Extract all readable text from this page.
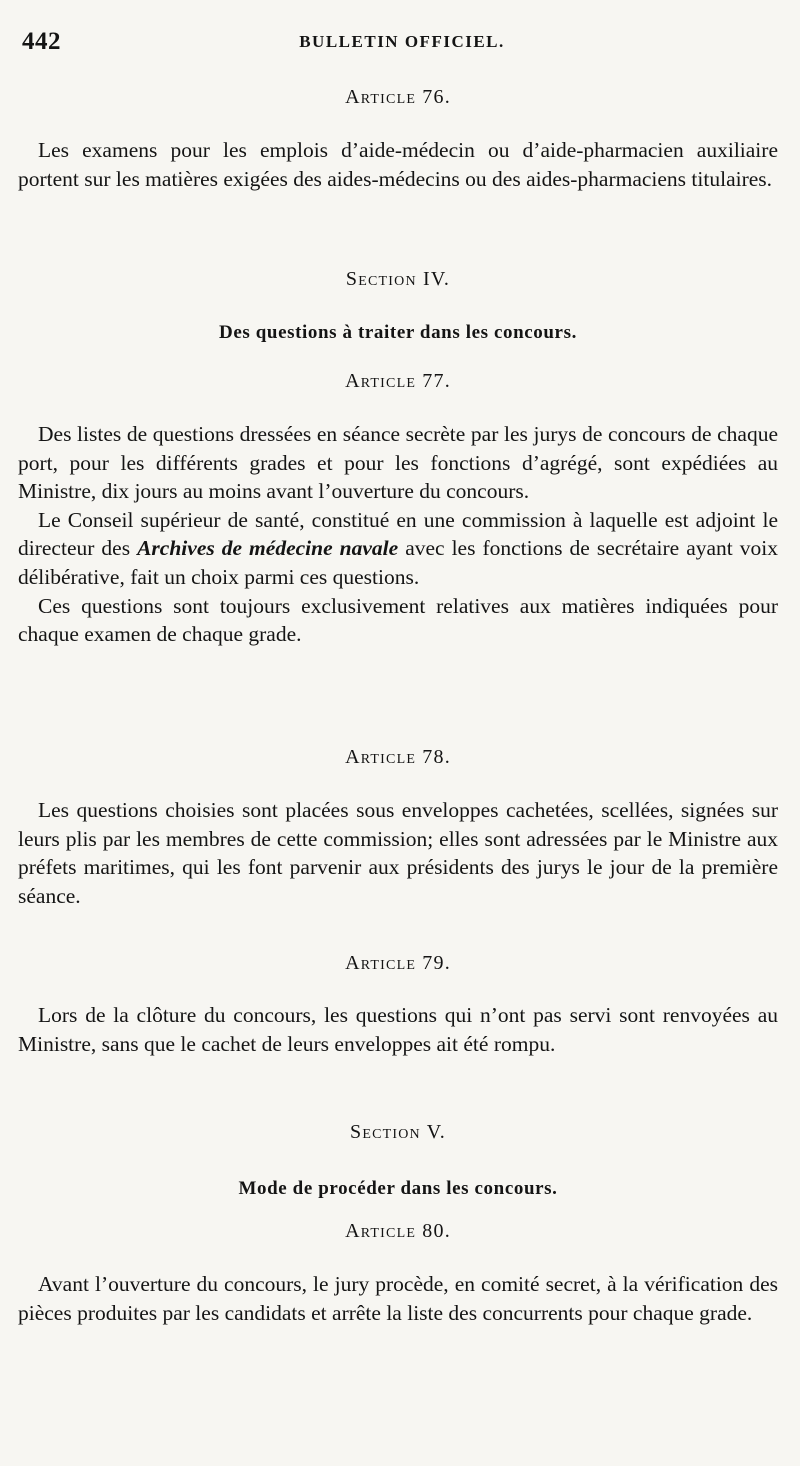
442	BULLETIN OFFICIEL.
Article 76.

Les examens pour les emplois d’aide-médecin ou d’aide-pharmacien auxiliaire portent sur les matières exigées des aides-médecins ou des aides-pharmaciens titulaires.

Section IV.
Des questions à traiter dans les concours.
Article 77.

Des listes de questions dressées en séance secrète par les jurys de concours de chaque port, pour les différents grades et pour les fonctions d’agrégé, sont expédiées au Ministre, dix jours au moins avant l’ouverture du concours.

Le Conseil supérieur de santé, constitué en une commission à laquelle est adjoint le directeur des Archives de médecine navale avec les fonctions de secrétaire ayant voix délibérative, fait un choix parmi ces questions.

Ces questions sont toujours exclusivement relatives aux matières indiquées pour chaque examen de chaque grade.

Article 78.

Les questions choisies sont placées sous enveloppes cachetées, scellées, signées sur leurs plis par les membres de cette commission; elles sont adressées par le Ministre aux préfets maritimes, qui les font parvenir aux présidents des jurys le jour de la première séance.

Article 79.

Lors de la clôture du concours, les questions qui n’ont pas servi sont renvoyées au Ministre, sans que le cachet de leurs enveloppes ait été rompu.

Section V.
Mode de procéder dans les concours.
Article 80.

Avant l’ouverture du concours, le jury procède, en comité secret, à la vérification des pièces produites par les candidats et arrête la liste des concurrents pour chaque grade.
